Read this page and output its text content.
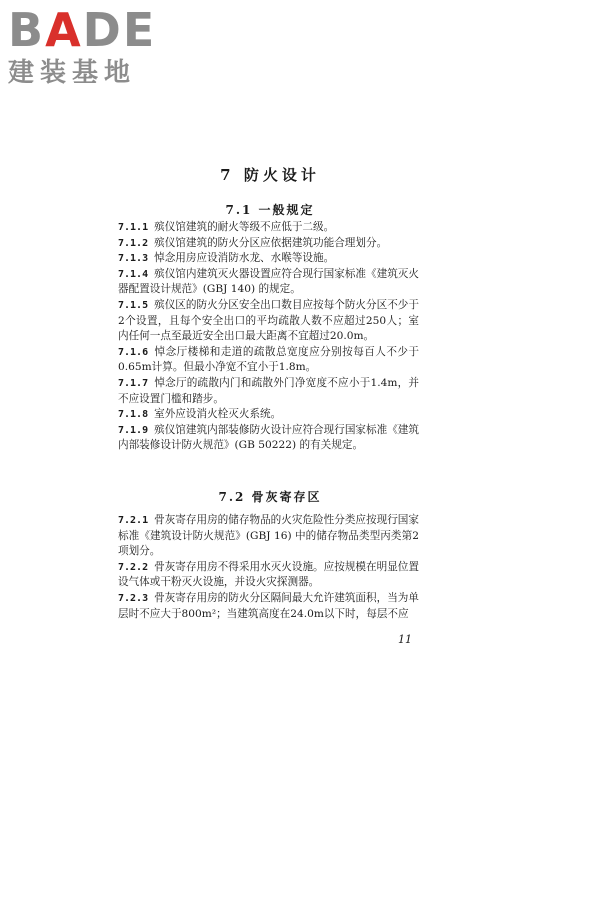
BADE
建装基地
7 防火设计
7.1 一般规定

7.1.1 殡仪馆建筑的耐火等级不应低于二级。

7.1.2 殡仪馆建筑的防火分区应依据建筑功能合理划分。

7.1.3 悼念用房应设消防水龙、水喉等设施。

7.1.4 殡仪馆内建筑灭火器设置应符合现行国家标准《建筑灭火器配置设计规范》(GBJ 140) 的规定。

7.1.5 殡仪区的防火分区安全出口数目应按每个防火分区不少于2个设置，且每个安全出口的平均疏散人数不应超过250人；室内任何一点至最近安全出口最大距离不宜超过20.0m。

7.1.6 悼念厅楼梯和走道的疏散总宽度应分别按每百人不少于0.65m计算。但最小净宽不宜小于1.8m。

7.1.7 悼念厅的疏散内门和疏散外门净宽度不应小于1.4m，并不应设置门槛和踏步。

7.1.8 室外应设消火栓灭火系统。

7.1.9 殡仪馆建筑内部装修防火设计应符合现行国家标准《建筑内部装修设计防火规范》(GB 50222) 的有关规定。

7.2 骨灰寄存区

7.2.1 骨灰寄存用房的储存物品的火灾危险性分类应按现行国家标准《建筑设计防火规范》(GBJ 16) 中的储存物品类型丙类第2项划分。

7.2.2 骨灰寄存用房不得采用水灭火设施。应按规模在明显位置设气体或干粉灭火设施，并设火灾探测器。

7.2.3 骨灰寄存用房的防火分区隔间最大允许建筑面积，当为单层时不应大于800m²；当建筑高度在24.0m以下时，每层不应

11
